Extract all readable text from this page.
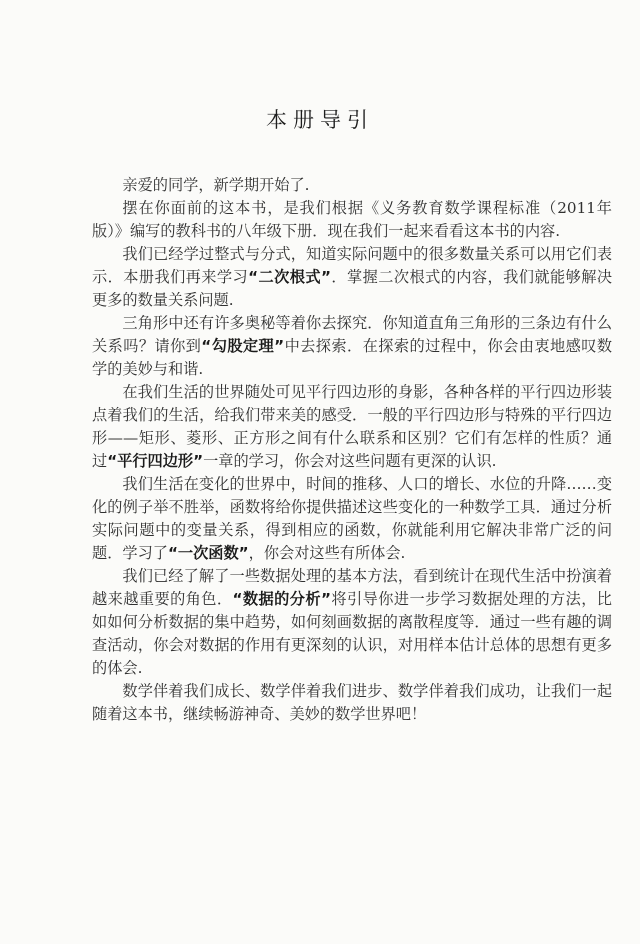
本册导引

亲爱的同学，新学期开始了.

摆在你面前的这本书，是我们根据《义务教育数学课程标准（2011年版）》编写的教科书的八年级下册．现在我们一起来看看这本书的内容.

我们已经学过整式与分式，知道实际问题中的很多数量关系可以用它们表示．本册我们再来学习“二次根式”．掌握二次根式的内容，我们就能够解决更多的数量关系问题.

三角形中还有许多奥秘等着你去探究．你知道直角三角形的三条边有什么关系吗？请你到“勾股定理”中去探索．在探索的过程中，你会由衷地感叹数学的美妙与和谐.

在我们生活的世界随处可见平行四边形的身影，各种各样的平行四边形装点着我们的生活，给我们带来美的感受．一般的平行四边形与特殊的平行四边形——矩形、菱形、正方形之间有什么联系和区别？它们有怎样的性质？通过“平行四边形”一章的学习，你会对这些问题有更深的认识.

我们生活在变化的世界中，时间的推移、人口的增长、水位的升降……变化的例子举不胜举，函数将给你提供描述这些变化的一种数学工具．通过分析实际问题中的变量关系，得到相应的函数，你就能利用它解决非常广泛的问题．学习了“一次函数”，你会对这些有所体会.

我们已经了解了一些数据处理的基本方法，看到统计在现代生活中扮演着越来越重要的角色．“数据的分析”将引导你进一步学习数据处理的方法，比如如何分析数据的集中趋势，如何刻画数据的离散程度等．通过一些有趣的调查活动，你会对数据的作用有更深刻的认识，对用样本估计总体的思想有更多的体会.

数学伴着我们成长、数学伴着我们进步、数学伴着我们成功，让我们一起随着这本书，继续畅游神奇、美妙的数学世界吧！
